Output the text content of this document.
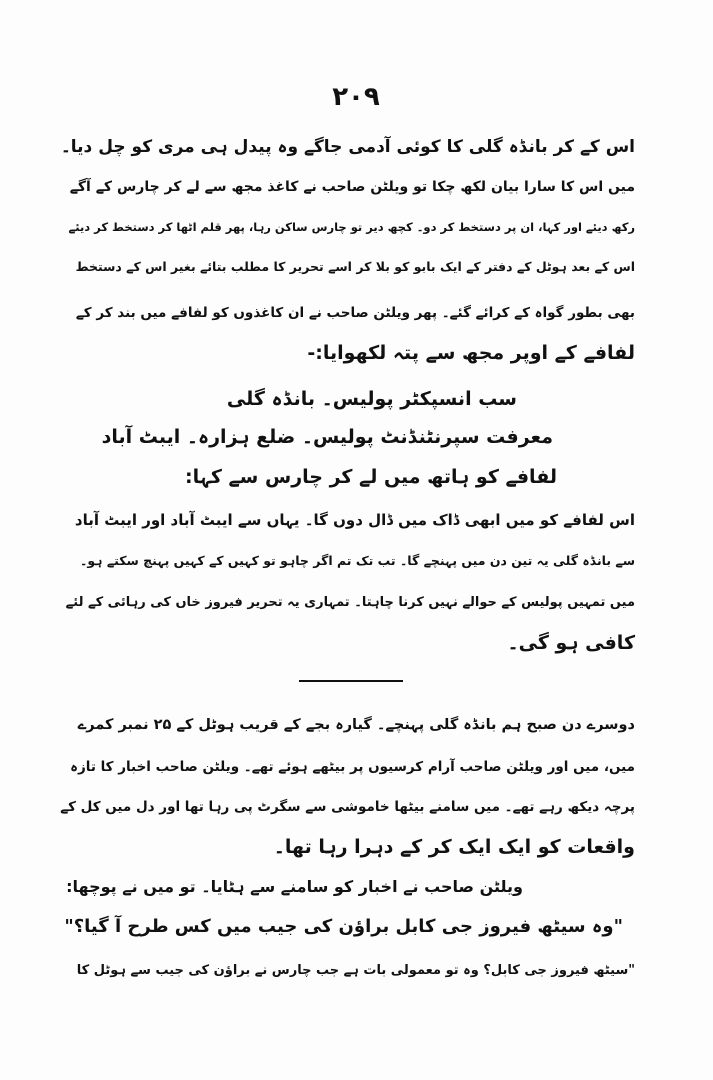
۲۰۹
اس کے کر بانڈہ گلی کا کوئی آدمی جاگے وہ پیدل ہی مری کو چل دیا۔
میں اس کا سارا بیان لکھ چکا تو ویلٹن صاحب نے کاغذ مجھ سے لے کر چارس کے آگے
رکھ دیئے اور کہا، ان پر دستخط کر دو۔ کچھ دیر تو چارس ساکن رہا، پھر قلم اٹھا کر دستخط کر دیئے
اس کے بعد ہوٹل کے دفتر کے ایک بابو کو بلا کر اسے تحریر کا مطلب بتائے بغیر اس کے دستخط
بھی بطور گواہ کے کرائے گئے۔ پھر ویلٹن صاحب نے ان کاغذوں کو لفافے میں بند کر کے
لفافے کے اوپر مجھ سے پتہ لکھوایا:-
سب انسپکٹر پولیس۔ بانڈہ گلی
معرفت سپرنٹنڈنٹ پولیس۔ ضلع ہزارہ۔ ایبٹ آباد
لفافے کو ہاتھ میں لے کر چارس سے کہا:
اس لفافے کو میں ابھی ڈاک میں ڈال دوں گا۔ یہاں سے ایبٹ آباد اور ایبٹ آباد
سے بانڈہ گلی یہ تین دن میں پہنچے گا۔ تب تک تم اگر چاہو تو کہیں کے کہیں پہنچ سکتے ہو۔
میں تمہیں پولیس کے حوالے نہیں کرنا چاہتا۔ تمہاری یہ تحریر فیروز خاں کی رہائی کے لئے
کافی ہو گی۔
دوسرے دن صبح ہم بانڈہ گلی پہنچے۔ گیارہ بجے کے قریب ہوٹل کے ۲۵ نمبر کمرے
میں، میں اور ویلٹن صاحب آرام کرسیوں پر بیٹھے ہوئے تھے۔ ویلٹن صاحب اخبار کا تازہ
پرچہ دیکھ رہے تھے۔ میں سامنے بیٹھا خاموشی سے سگرٹ پی رہا تھا اور دل میں کل کے
واقعات کو ایک ایک کر کے دہرا رہا تھا۔
ویلٹن صاحب نے اخبار کو سامنے سے ہٹایا۔ تو میں نے پوچھا:
"وہ سیٹھ فیروز جی کابل براؤن کی جیب میں کس طرح آ گیا؟"
"سیٹھ فیروز جی کابل؟ وہ تو معمولی بات ہے جب چارس نے براؤن کی جیب سے ہوٹل کا
